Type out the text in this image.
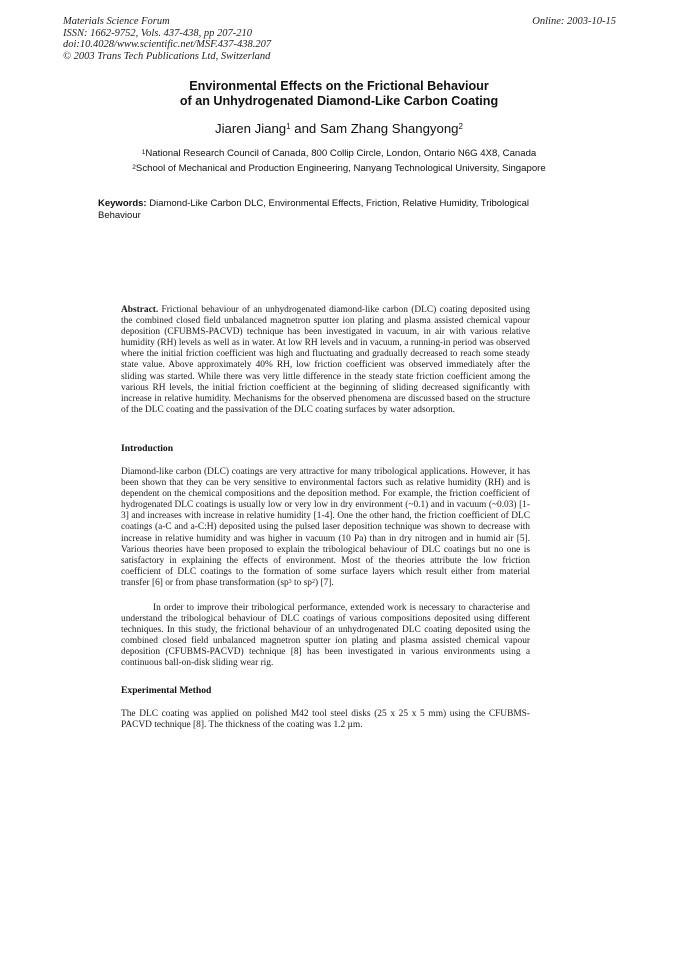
Materials Science Forum
ISSN: 1662-9752, Vols. 437-438, pp 207-210
doi:10.4028/www.scientific.net/MSF.437-438.207
© 2003 Trans Tech Publications Ltd, Switzerland
Online: 2003-10-15
Environmental Effects on the Frictional Behaviour
of an Unhydrogenated Diamond-Like Carbon Coating
Jiaren Jiang$^1$ and Sam Zhang Shangyong$^2$
$^1$National Research Council of Canada, 800 Collip Circle, London, Ontario N6G 4X8, Canada
$^2$School of Mechanical and Production Engineering, Nanyang Technological University, Singapore
Keywords: Diamond-Like Carbon DLC, Environmental Effects, Friction, Relative Humidity, Tribological Behaviour
Abstract. Frictional behaviour of an unhydrogenated diamond-like carbon (DLC) coating deposited using the combined closed field unbalanced magnetron sputter ion plating and plasma assisted chemical vapour deposition (CFUBMS-PACVD) technique has been investigated in vacuum, in air with various relative humidity (RH) levels as well as in water. At low RH levels and in vacuum, a running-in period was observed where the initial friction coefficient was high and fluctuating and gradually decreased to reach some steady state value. Above approximately 40% RH, low friction coefficient was observed immediately after the sliding was started. While there was very little difference in the steady state friction coefficient among the various RH levels, the initial friction coefficient at the beginning of sliding decreased significantly with increase in relative humidity. Mechanisms for the observed phenomena are discussed based on the structure of the DLC coating and the passivation of the DLC coating surfaces by water adsorption.
Introduction
Diamond-like carbon (DLC) coatings are very attractive for many tribological applications. However, it has been shown that they can be very sensitive to environmental factors such as relative humidity (RH) and is dependent on the chemical compositions and the deposition method. For example, the friction coefficient of hydrogenated DLC coatings is usually low or very low in dry environment (~0.1) and in vacuum (~0.03) [1-3] and increases with increase in relative humidity [1-4]. One the other hand, the friction coefficient of DLC coatings (a-C and a-C:H) deposited using the pulsed laser deposition technique was shown to decrease with increase in relative humidity and was higher in vacuum (10 Pa) than in dry nitrogen and in humid air [5]. Various theories have been proposed to explain the tribological behaviour of DLC coatings but no one is satisfactory in explaining the effects of environment. Most of the theories attribute the low friction coefficient of DLC coatings to the formation of some surface layers which result either from material transfer [6] or from phase transformation ($sp^3$ to $sp^2$) [7].
In order to improve their tribological performance, extended work is necessary to characterise and understand the tribological behaviour of DLC coatings of various compositions deposited using different techniques. In this study, the frictional behaviour of an unhydrogenated DLC coating deposited using the combined closed field unbalanced magnetron sputter ion plating and plasma assisted chemical vapour deposition (CFUBMS-PACVD) technique [8] has been investigated in various environments using a continuous ball-on-disk sliding wear rig.
Experimental Method
The DLC coating was applied on polished M42 tool steel disks (25 x 25 x 5 mm) using the CFUBMS-PACVD technique [8]. The thickness of the coating was 1.2 µm.
